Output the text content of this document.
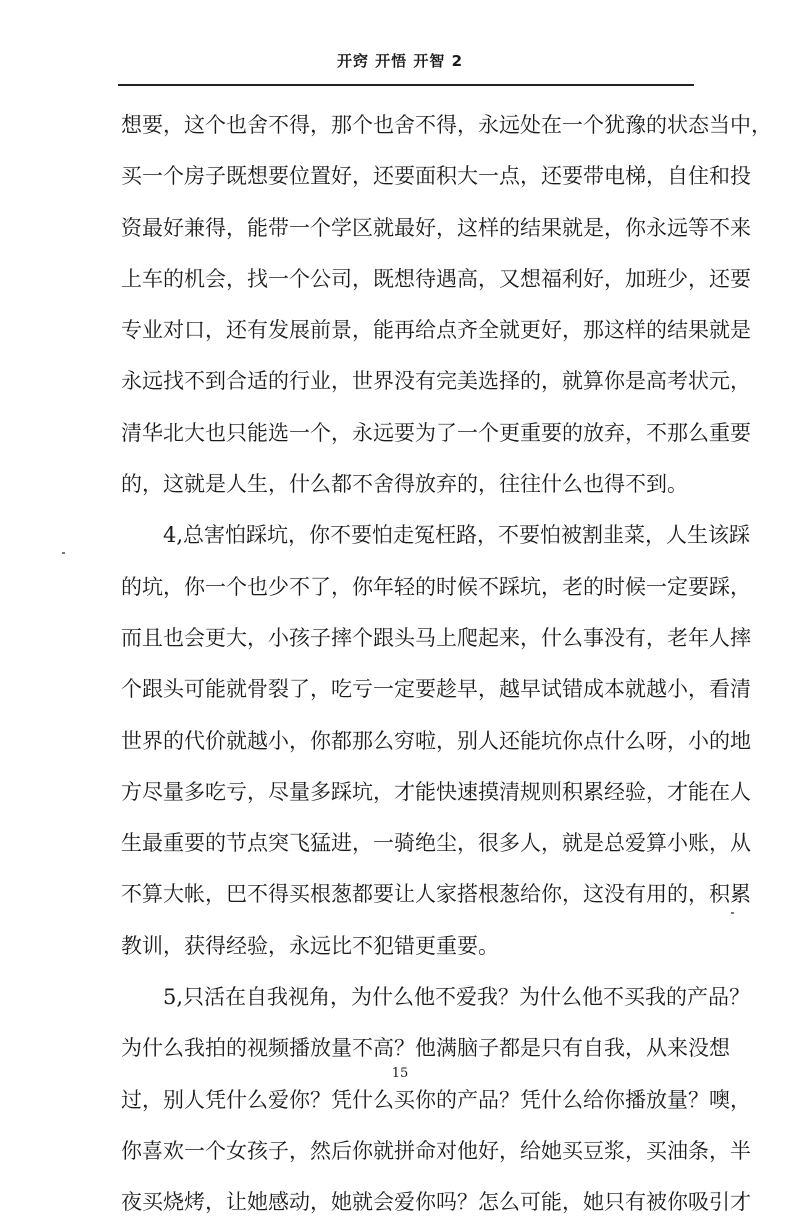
开窍 开悟 开智 2
想要，这个也舍不得，那个也舍不得，永远处在一个犹豫的状态当中，
买一个房子既想要位置好，还要面积大一点，还要带电梯，自住和投
资最好兼得，能带一个学区就最好，这样的结果就是，你永远等不来
上车的机会，找一个公司，既想待遇高，又想福利好，加班少，还要
专业对口，还有发展前景，能再给点齐全就更好，那这样的结果就是
永远找不到合适的行业，世界没有完美选择的，就算你是高考状元，
清华北大也只能选一个，永远要为了一个更重要的放弃，不那么重要
的，这就是人生，什么都不舍得放弃的，往往什么也得不到。
4,总害怕踩坑，你不要怕走冤枉路，不要怕被割韭菜，人生该踩
的坑，你一个也少不了，你年轻的时候不踩坑，老的时候一定要踩，
而且也会更大，小孩子摔个跟头马上爬起来，什么事没有，老年人摔
个跟头可能就骨裂了，吃亏一定要趁早，越早试错成本就越小，看清
世界的代价就越小，你都那么穷啦，别人还能坑你点什么呀，小的地
方尽量多吃亏，尽量多踩坑，才能快速摸清规则积累经验，才能在人
生最重要的节点突飞猛进，一骑绝尘，很多人，就是总爱算小账，从
不算大帐，巴不得买根葱都要让人家搭根葱给你，这没有用的，积累
教训，获得经验，永远比不犯错更重要。
5,只活在自我视角，为什么他不爱我？为什么他不买我的产品？
为什么我拍的视频播放量不高？他满脑子都是只有自我，从来没想
过，别人凭什么爱你？凭什么买你的产品？凭什么给你播放量？噢，
你喜欢一个女孩子，然后你就拼命对他好，给她买豆浆，买油条，半
夜买烧烤，让她感动，她就会爱你吗？怎么可能，她只有被你吸引才
15
